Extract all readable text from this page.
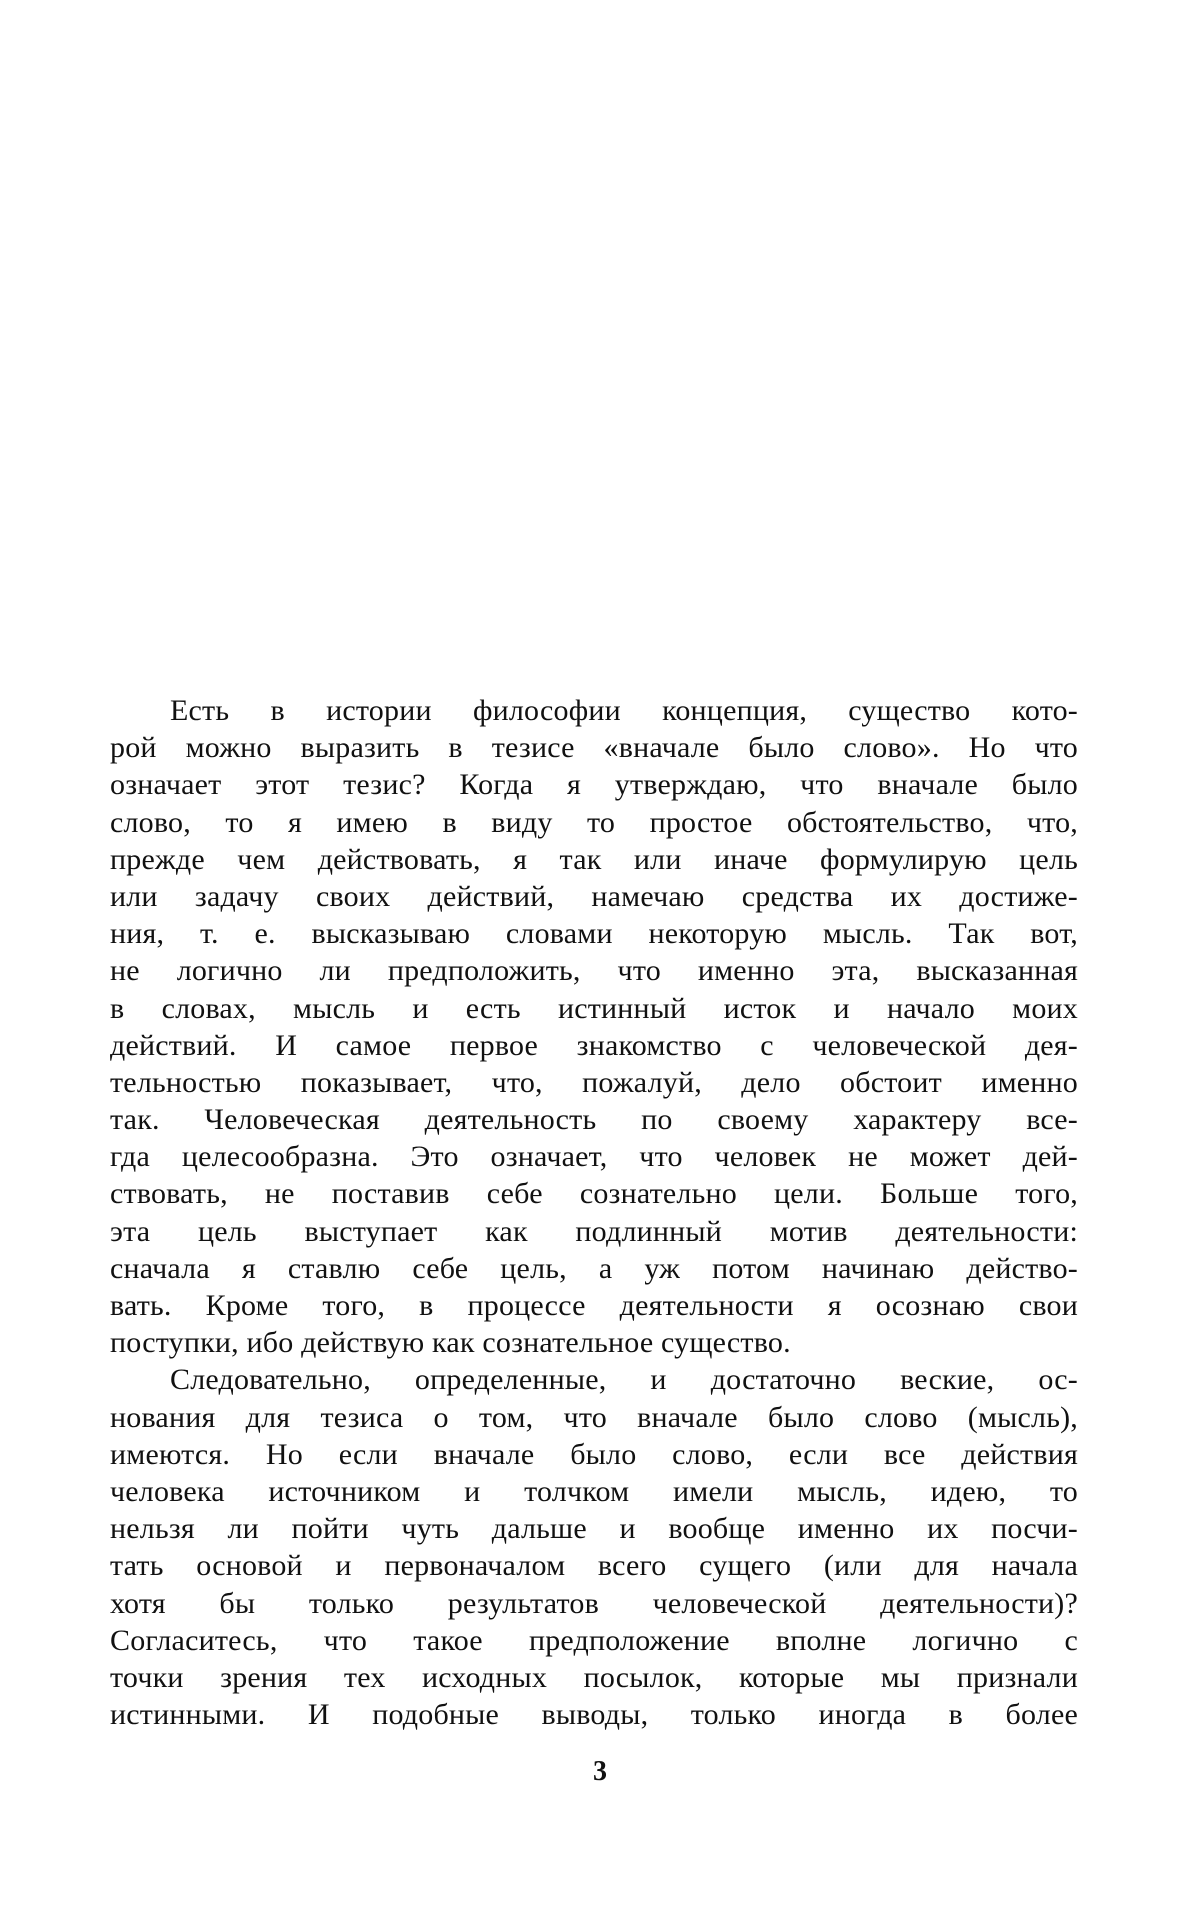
Есть в истории философии концепция, существо кото-
рой можно выразить в тезисе «вначале было слово». Но что
означает этот тезис? Когда я утверждаю, что вначале было
слово, то я имею в виду то простое обстоятельство, что,
прежде чем действовать, я так или иначе формулирую цель
или задачу своих действий, намечаю средства их достиже-
ния, т. е. высказываю словами некоторую мысль. Так вот,
не логично ли предположить, что именно эта, высказанная
в словах, мысль и есть истинный исток и начало моих
действий. И самое первое знакомство с человеческой дея-
тельностью показывает, что, пожалуй, дело обстоит именно
так. Человеческая деятельность по своему характеру все-
гда целесообразна. Это означает, что человек не может дей-
ствовать, не поставив себе сознательно цели. Больше того,
эта цель выступает как подлинный мотив деятельности:
сначала я ставлю себе цель, а уж потом начинаю действо-
вать. Кроме того, в процессе деятельности я осознаю свои
поступки, ибо действую как сознательное существо.
Следовательно, определенные, и достаточно веские, ос-
нования для тезиса о том, что вначале было слово (мысль),
имеются. Но если вначале было слово, если все действия
человека источником и толчком имели мысль, идею, то
нельзя ли пойти чуть дальше и вообще именно их посчи-
тать основой и первоначалом всего сущего (или для начала
хотя бы только результатов человеческой деятельности)?
Согласитесь, что такое предположение вполне логично с
точки зрения тех исходных посылок, которые мы признали
истинными. И подобные выводы, только иногда в более
3
